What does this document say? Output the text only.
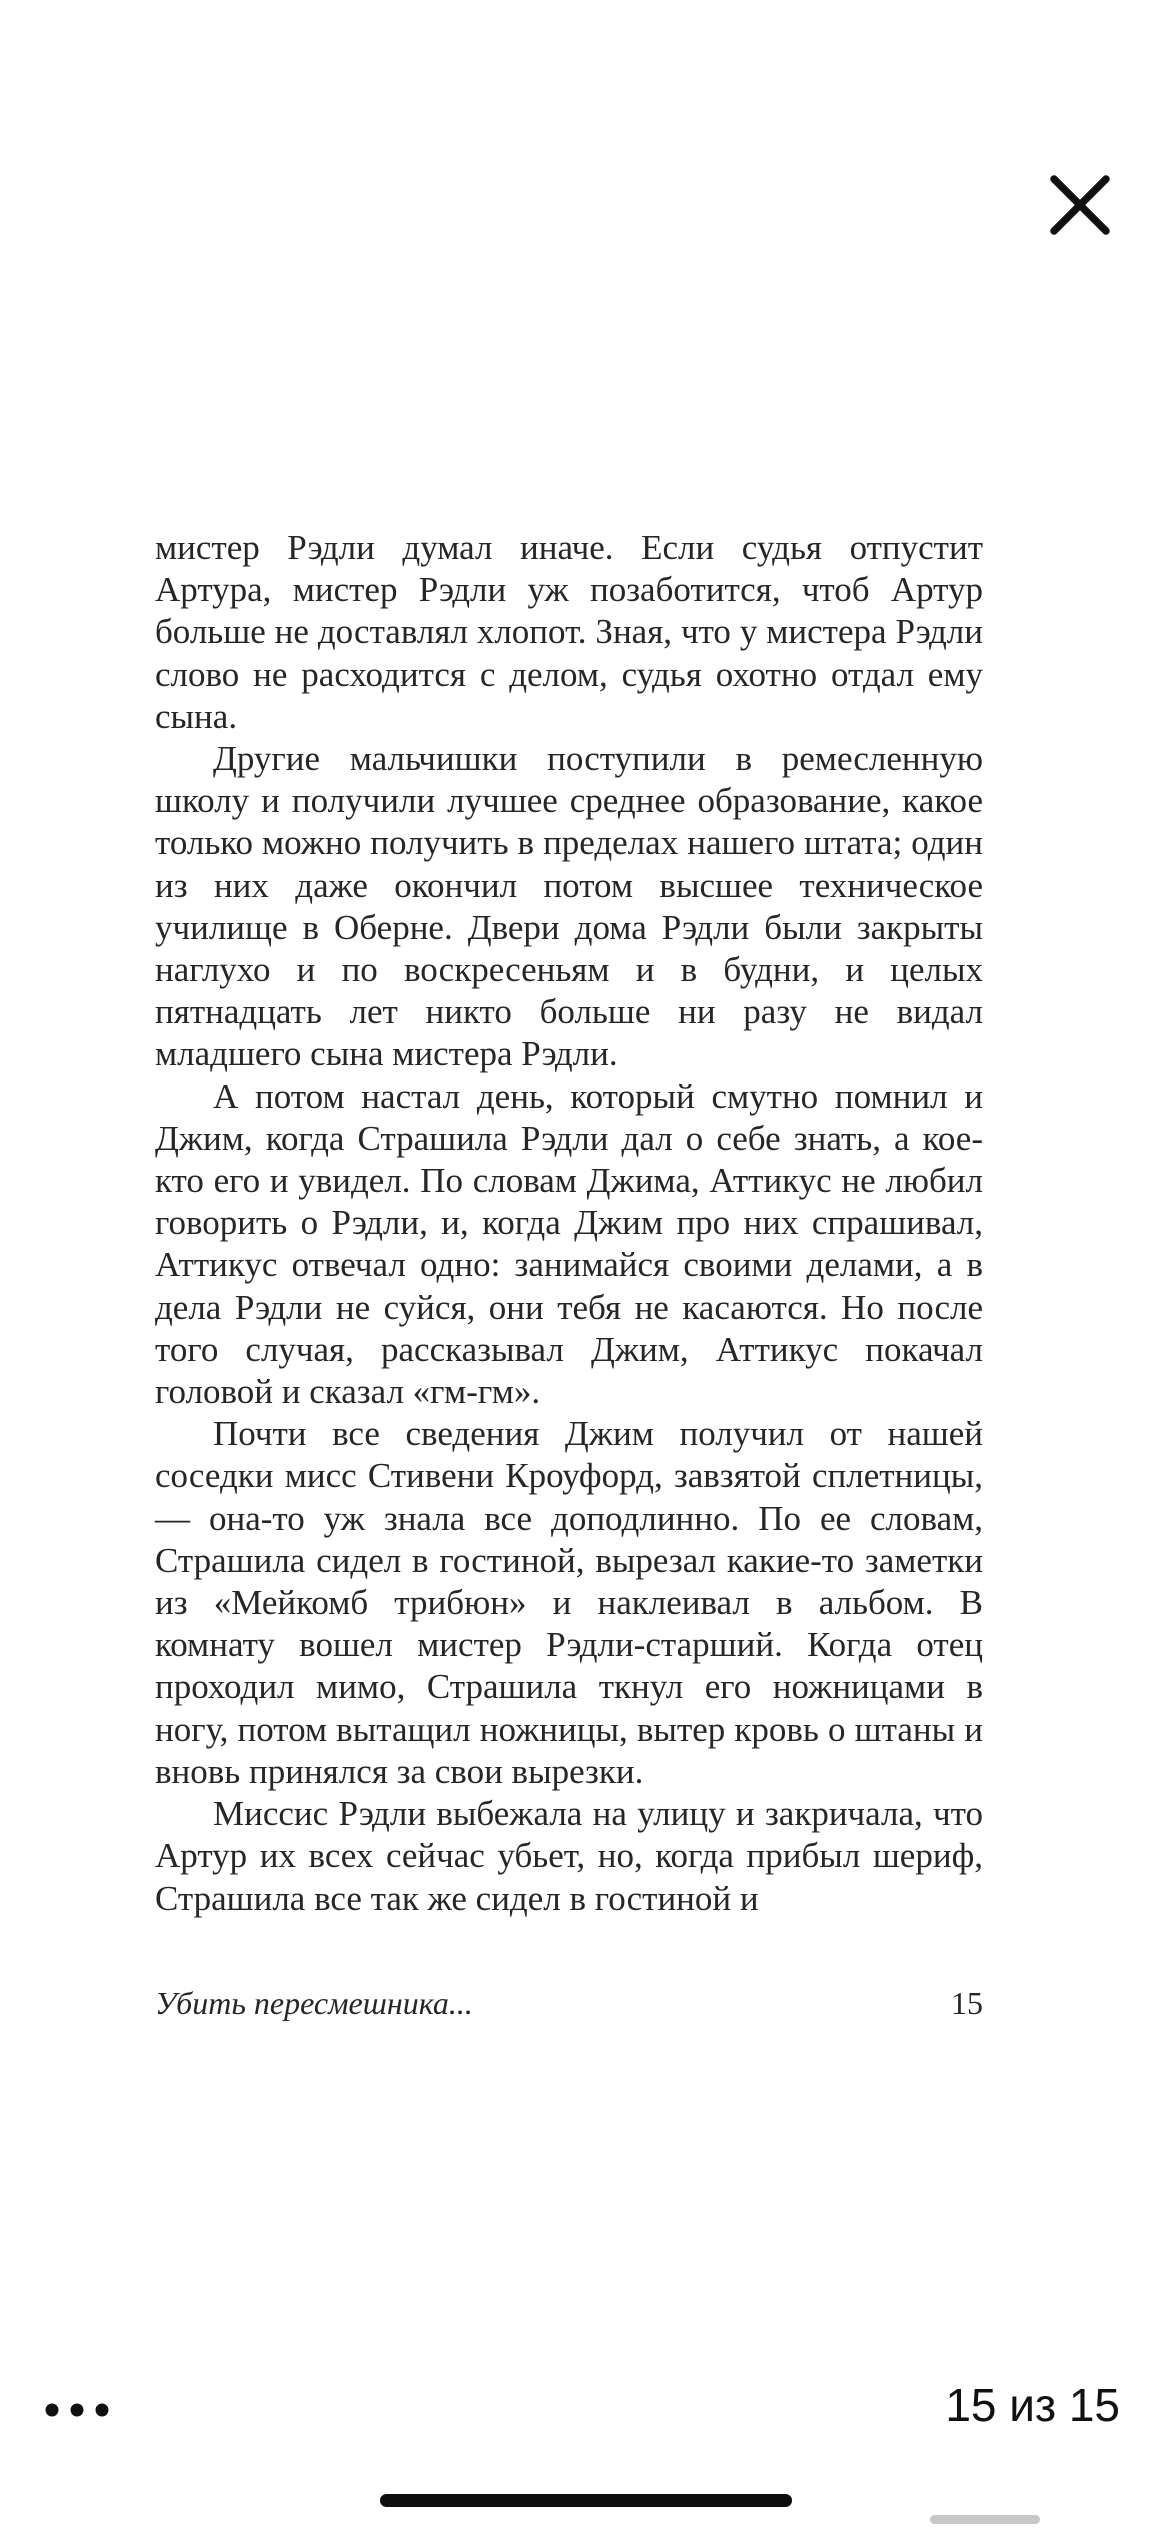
мистер Рэдли думал иначе. Если судья отпустит Артура, мистер Рэдли уж позаботится, чтоб Артур больше не доставлял хлопот. Зная, что у мистера Рэдли слово не расходится с делом, судья охотно отдал ему сына.

Другие мальчишки поступили в ремесленную школу и получили лучшее среднее образование, какое только можно получить в пределах нашего штата; один из них даже окончил потом высшее техническое училище в Оберне. Двери дома Рэдли были закрыты наглухо и по воскресеньям и в будни, и целых пятнадцать лет никто больше ни разу не видал младшего сына мистера Рэдли.

А потом настал день, который смутно помнил и Джим, когда Страшила Рэдли дал о себе знать, а кое-кто его и увидел. По словам Джима, Аттикус не любил говорить о Рэдли, и, когда Джим про них спрашивал, Аттикус отвечал одно: занимайся своими делами, а в дела Рэдли не суйся, они тебя не касаются. Но после того случая, рассказывал Джим, Аттикус покачал головой и сказал «гм-гм».

Почти все сведения Джим получил от нашей соседки мисс Стивени Кроуфорд, завзятой сплетницы, — она-то уж знала все доподлинно. По ее словам, Страшила сидел в гостиной, вырезал какие-то заметки из «Мейкомб трибюн» и наклеивал в альбом. В комнату вошел мистер Рэдли-старший. Когда отец проходил мимо, Страшила ткнул его ножницами в ногу, потом вытащил ножницы, вытер кровь о штаны и вновь принялся за свои вырезки.

Миссис Рэдли выбежала на улицу и закричала, что Артур их всех сейчас убьет, но, когда прибыл шериф, Страшила все так же сидел в гостиной и

Убить пересмешника...	15
15 из 15
